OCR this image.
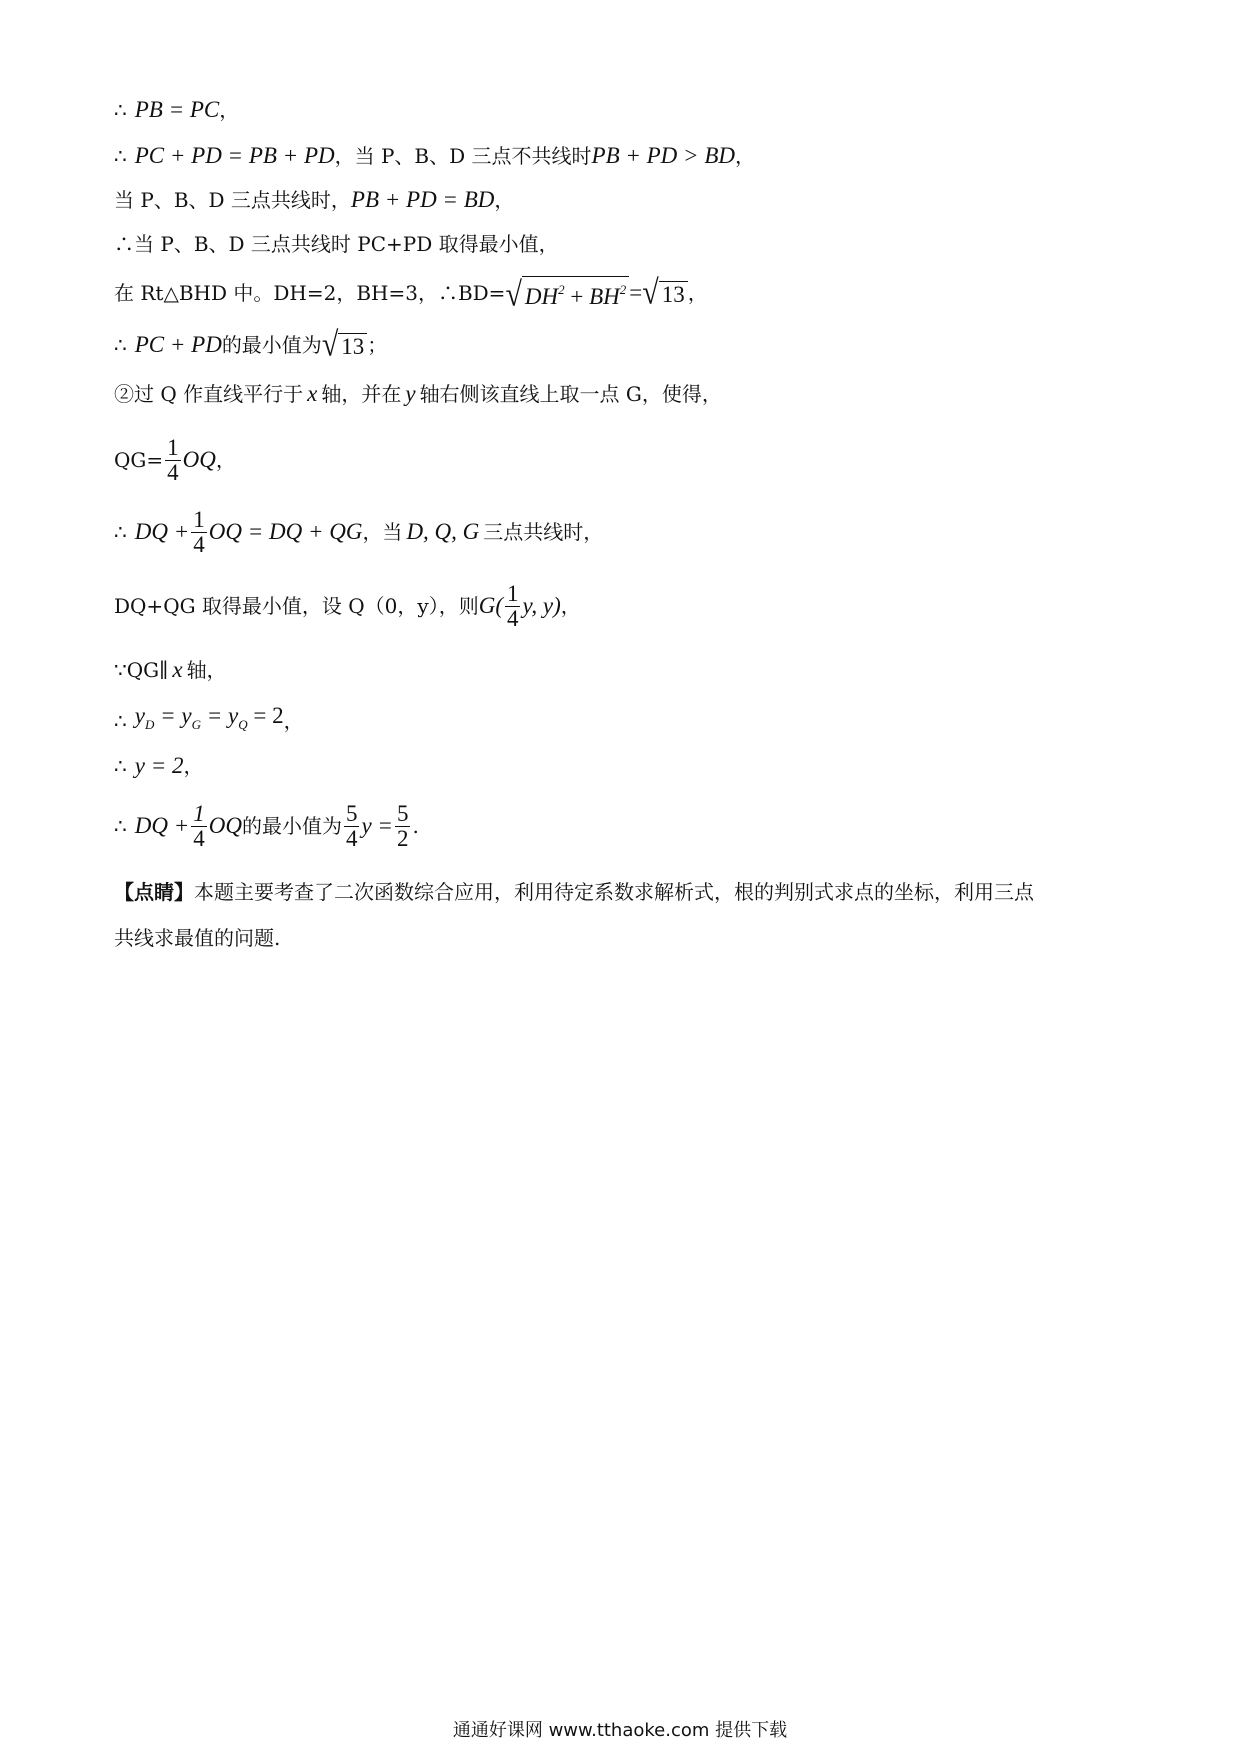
∴ PB = PC ，
∴ PC + PD = PB + PD ，当 P、B、D 三点不共线时 PB + PD > BD ，
当 P、B、D 三点共线时， PB + PD = BD ，
∴当 P、B、D 三点共线时 PC+PD 取得最小值，
在 Rt△BHD 中。DH=2，BH=3，∴BD= √ $DH^2 + BH^2$ = √ 13 ，
∴ PC + PD 的最小值为 √ 13 ；
②过 Q 作直线平行于 x 轴，并在 y 轴右侧该直线上取一点 G，使得，
$QG= \frac{1}{4}$ OQ ，
∴ DQ + $\frac{1}{4}$ OQ = DQ + QG ，当 D, Q, G 三点共线时，
DQ+QG 取得最小值，设 Q（0，y），则 $G( \frac{1}{4} y$, y) ，
∵QG∥ x 轴，
∴ $y_D = y_G = y_Q = 2$ ，
∴ y = 2 ，
∴ DQ + $\frac{1}{4}$ OQ 的最小值为 $\frac{5}{4}$ $y = \frac{5}{2}$ .
【点睛】 本题主要考查了二次函数综合应用，利用待定系数求解析式，根的判别式求点的坐标，利用三点
共线求最值的问题.
通通好课网 www.tthaoke.com 提供下载
